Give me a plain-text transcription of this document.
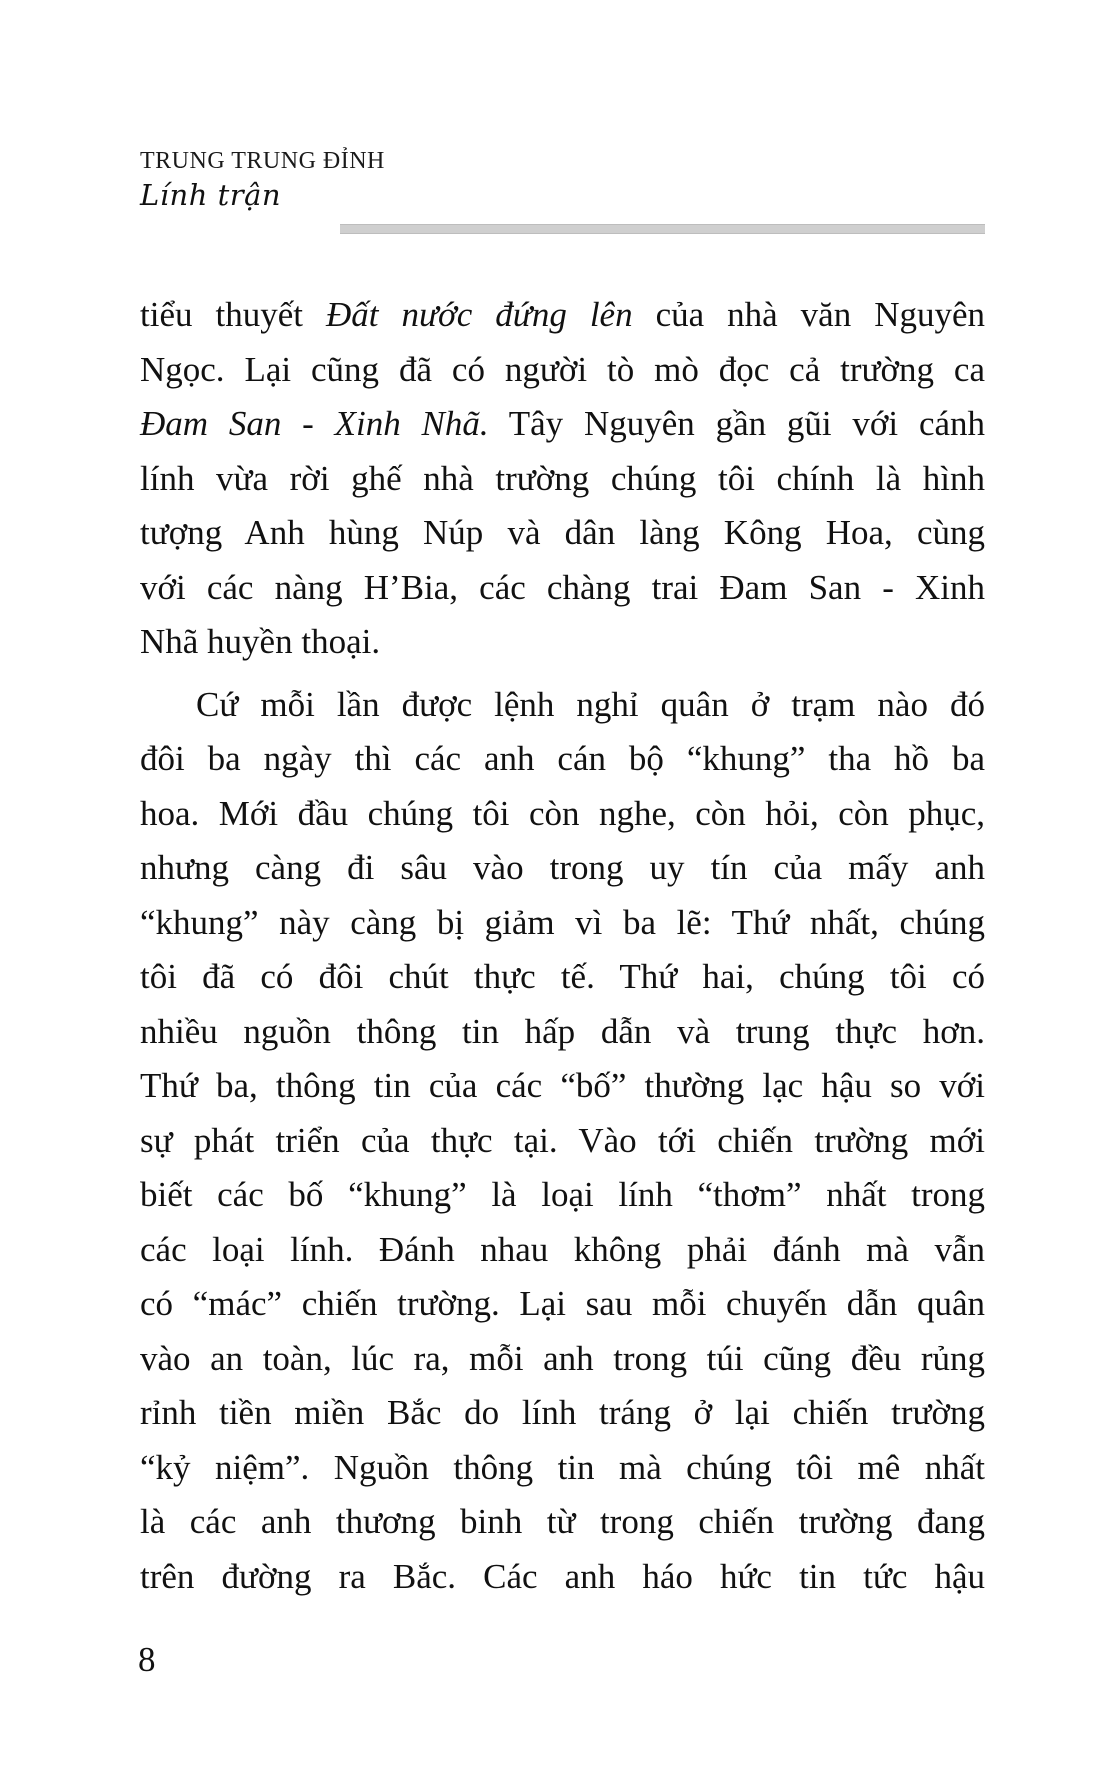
TRUNG TRUNG ĐỈNH
Lính trận
tiểu thuyết Đất nước đứng lên của nhà văn Nguyên
Ngọc. Lại cũng đã có người tò mò đọc cả trường ca
Đam San - Xinh Nhã. Tây Nguyên gần gũi với cánh
lính vừa rời ghế nhà trường chúng tôi chính là hình
tượng Anh hùng Núp và dân làng Kông Hoa, cùng
với các nàng H’Bia, các chàng trai Đam San - Xinh
Nhã huyền thoại.
Cứ mỗi lần được lệnh nghỉ quân ở trạm nào đó
đôi ba ngày thì các anh cán bộ “khung” tha hồ ba
hoa. Mới đầu chúng tôi còn nghe, còn hỏi, còn phục,
nhưng càng đi sâu vào trong uy tín của mấy anh
“khung” này càng bị giảm vì ba lẽ: Thứ nhất, chúng
tôi đã có đôi chút thực tế. Thứ hai, chúng tôi có
nhiều nguồn thông tin hấp dẫn và trung thực hơn.
Thứ ba, thông tin của các “bố” thường lạc hậu so với
sự phát triển của thực tại. Vào tới chiến trường mới
biết các bố “khung” là loại lính “thơm” nhất trong
các loại lính. Đánh nhau không phải đánh mà vẫn
có “mác” chiến trường. Lại sau mỗi chuyến dẫn quân
vào an toàn, lúc ra, mỗi anh trong túi cũng đều rủng
rỉnh tiền miền Bắc do lính tráng ở lại chiến trường
“kỷ niệm”. Nguồn thông tin mà chúng tôi mê nhất
là các anh thương binh từ trong chiến trường đang
trên đường ra Bắc. Các anh háo hức tin tức hậu
8
